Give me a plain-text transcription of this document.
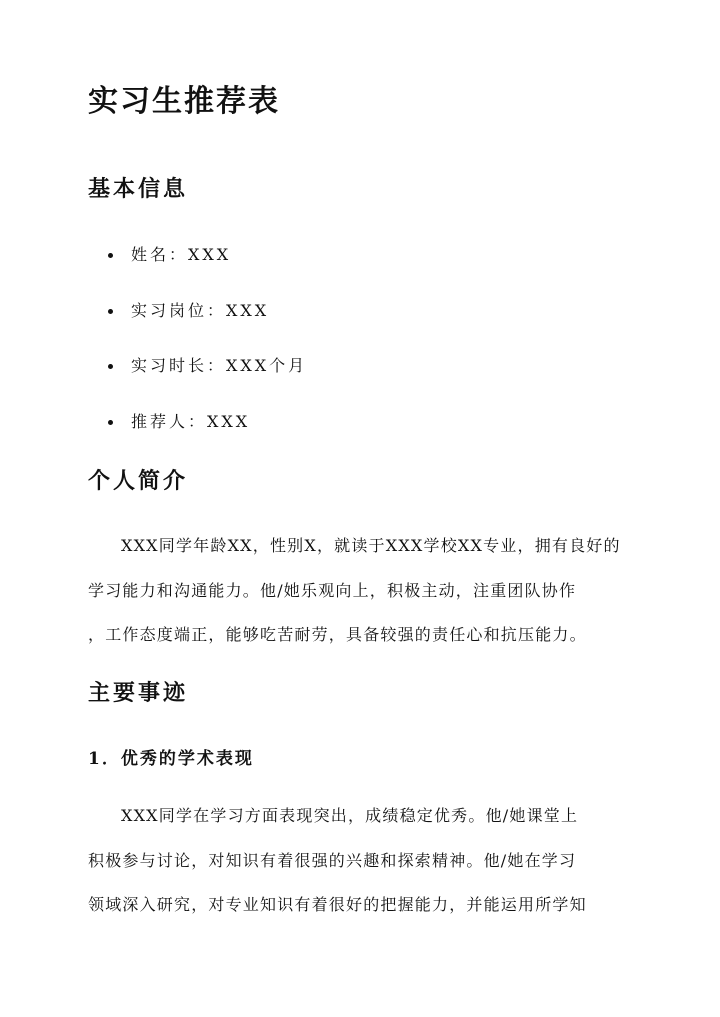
实习生推荐表
基本信息
姓名：XXX
实习岗位：XXX
实习时长：XXX个月
推荐人：XXX
个人简介
XXX同学年龄XX，性别X，就读于XXX学校XX专业，拥有良好的
学习能力和沟通能力。他/她乐观向上，积极主动，注重团队协作
，工作态度端正，能够吃苦耐劳，具备较强的责任心和抗压能力。
主要事迹
1．优秀的学术表现
XXX同学在学习方面表现突出，成绩稳定优秀。他/她课堂上
积极参与讨论，对知识有着很强的兴趣和探索精神。他/她在学习
领域深入研究，对专业知识有着很好的把握能力，并能运用所学知
